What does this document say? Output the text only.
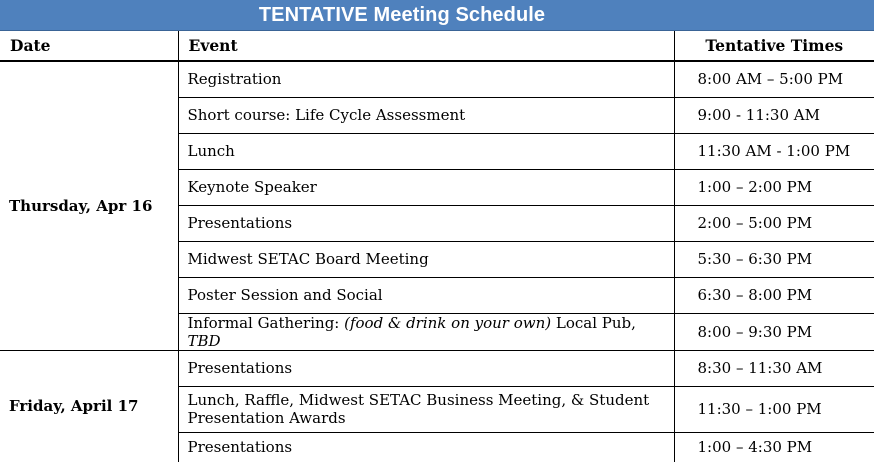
TENTATIVE Meeting Schedule
Date	Event	Tentative Times
Thursday, Apr 16	Registration	8:00 AM – 5:00 PM
	Short course: Life Cycle Assessment	9:00 - 11:30 AM
	Lunch	11:30 AM - 1:00 PM
	Keynote Speaker	1:00 – 2:00 PM
	Presentations	2:00 – 5:00 PM
	Midwest SETAC Board Meeting	5:30 – 6:30 PM
	Poster Session and Social	6:30 – 8:00 PM
	Informal Gathering: (food & drink on your own) Local Pub, TBD	8:00 – 9:30 PM
Friday, April 17	Presentations	8:30 – 11:30 AM
	Lunch, Raffle, Midwest SETAC Business Meeting, & Student Presentation Awards	11:30 – 1:00 PM
	Presentations	1:00 – 4:30 PM
